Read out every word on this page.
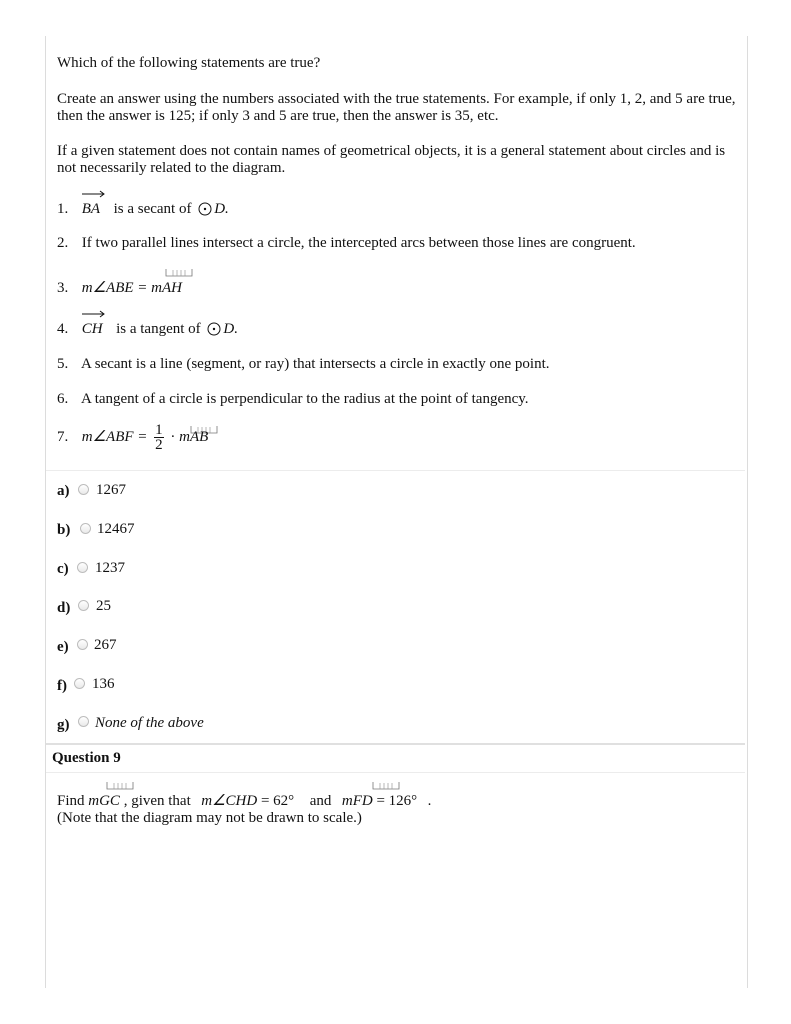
Which of the following statements are true?
Create an answer using the numbers associated with the true statements. For example, if only 1, 2, and 5 are true, then the answer is 125; if only 3 and 5 are true, then the answer is 35, etc.
If a given statement does not contain names of geometrical objects, it is a general statement about circles and is not necessarily related to the diagram.
1. BA is a secant of D.
2. If two parallel lines intersect a circle, the intercepted arcs between those lines are congruent.
3. m∠ABE = mAH
4. CH is a tangent of D.
5. A secant is a line (segment, or ray) that intersects a circle in exactly one point.
6. A tangent of a circle is perpendicular to the radius at the point of tangency.
7. m∠ABF = $\frac{1}{2}$ · mAB
a) 1267
b) 12467
c) 1237
d) 25
e) 267
f) 136
g) None of the above
Question 9
Find mGC , given that m∠CHD = 62° and mFD = 126° .
(Note that the diagram may not be drawn to scale.)
